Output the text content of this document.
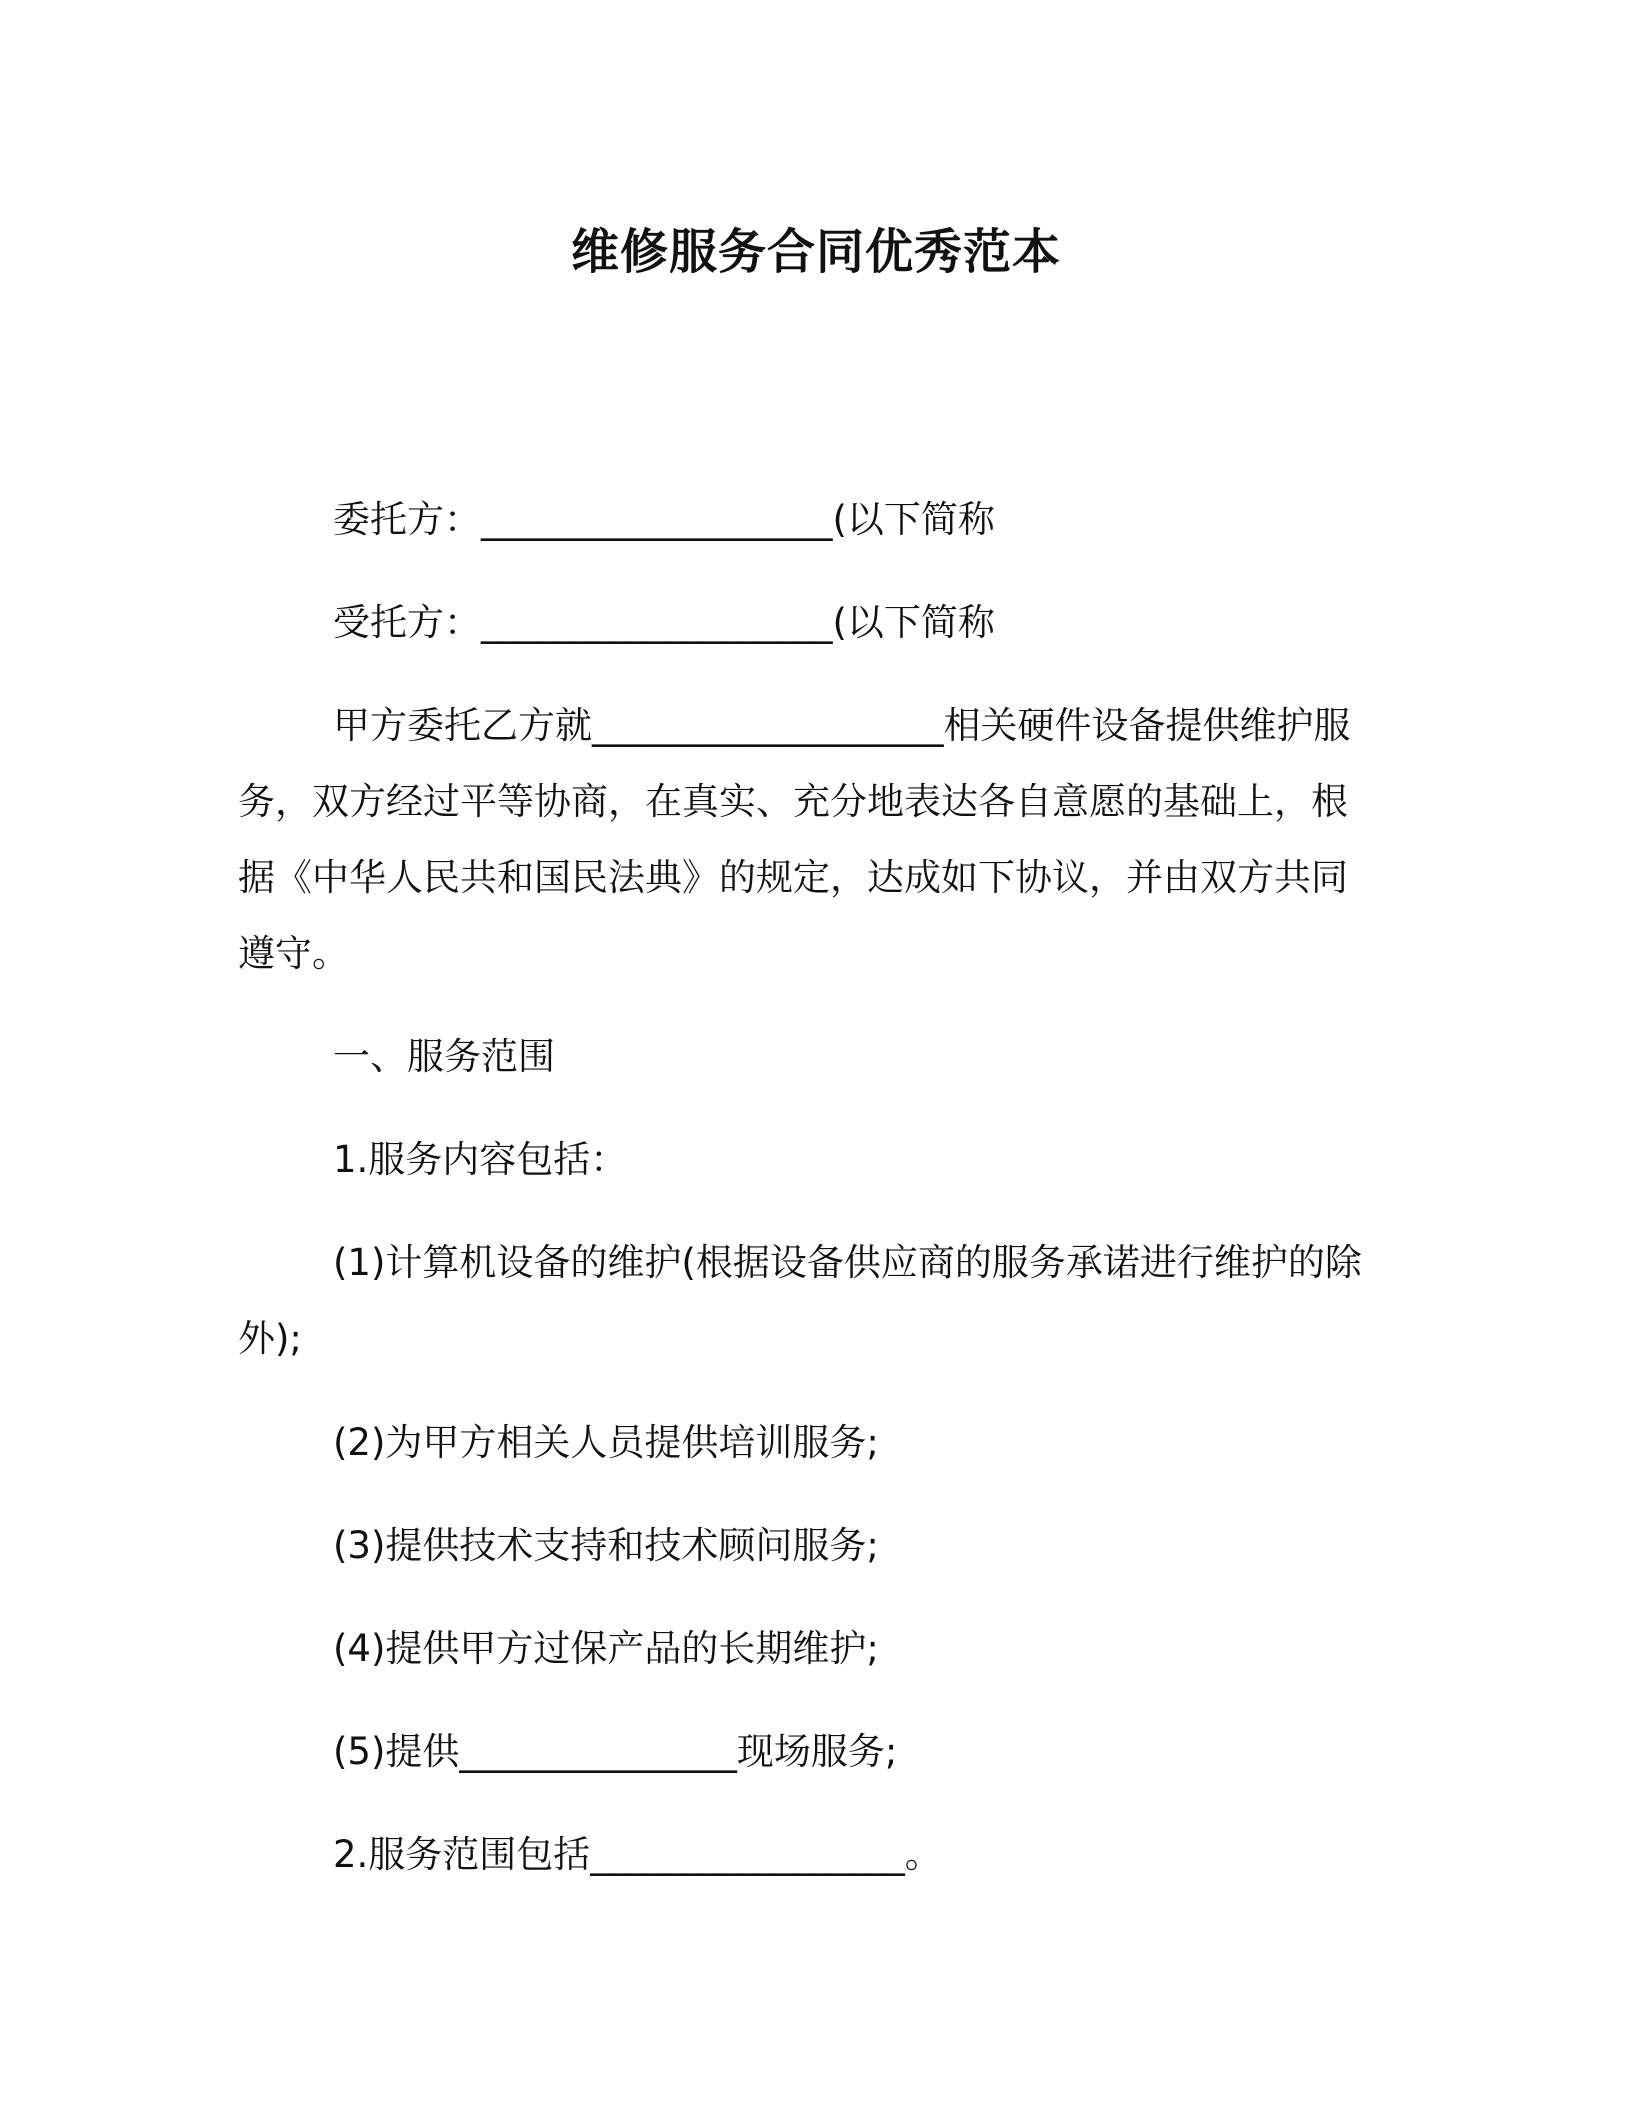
维修服务合同优秀范本
委托方：___________________(以下简称
受托方：___________________(以下简称
甲方委托乙方就___________________相关硬件设备提供维护服
务，双方经过平等协商，在真实、充分地表达各自意愿的基础上，根
据《中华人民共和国民法典》的规定，达成如下协议，并由双方共同
遵守。
一、服务范围
1.服务内容包括：
(1)计算机设备的维护(根据设备供应商的服务承诺进行维护的除
外);
(2)为甲方相关人员提供培训服务;
(3)提供技术支持和技术顾问服务;
(4)提供甲方过保产品的长期维护;
(5)提供_______________现场服务;
2.服务范围包括_________________。
